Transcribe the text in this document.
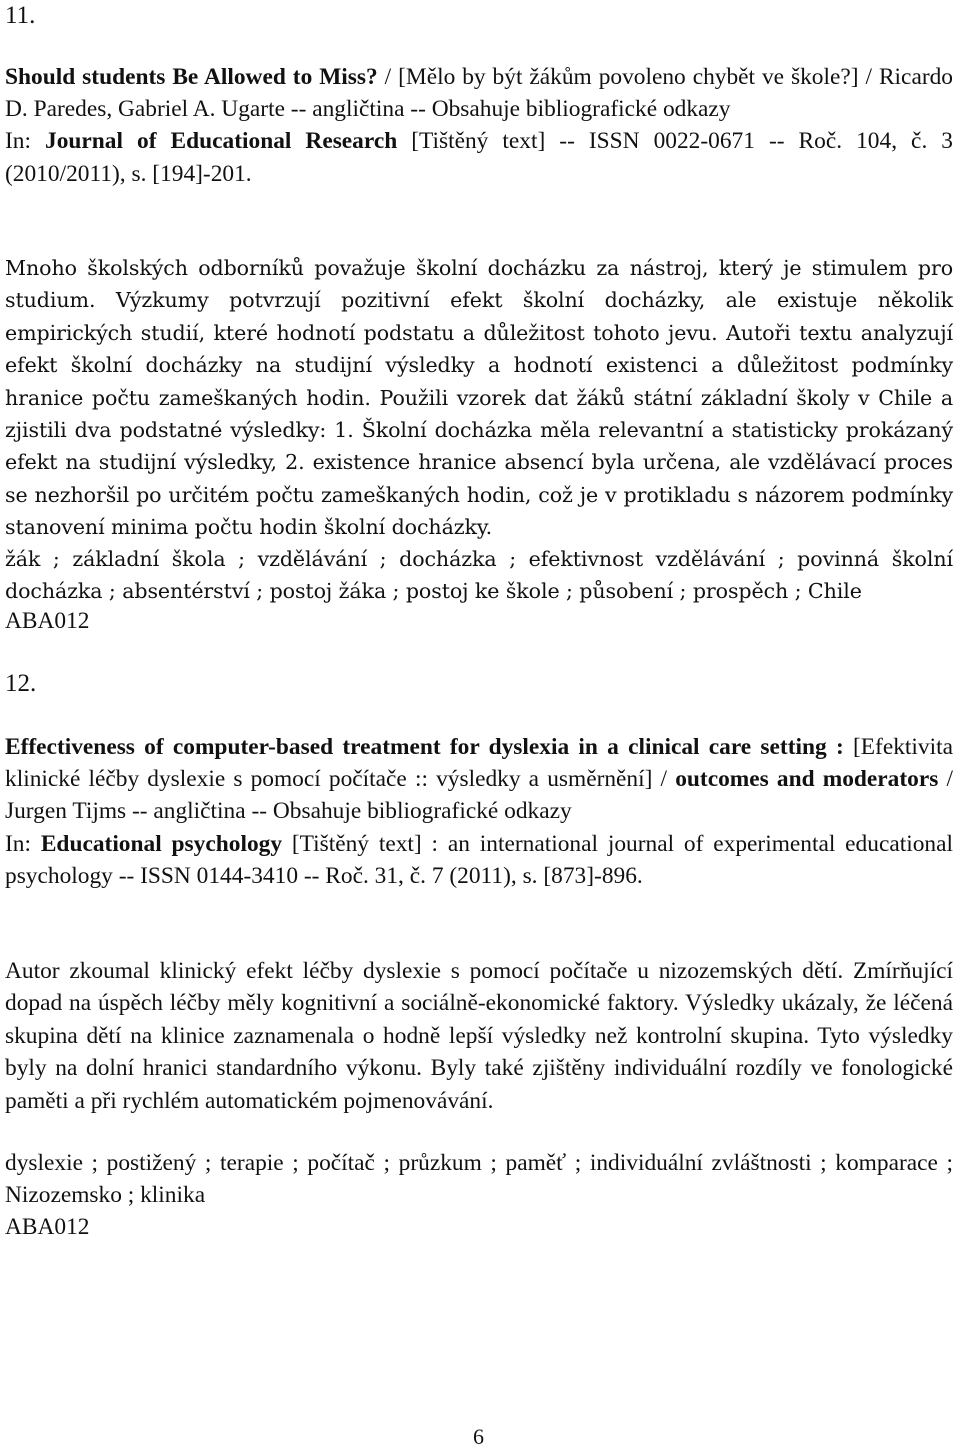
11.
Should students Be Allowed to Miss? / [Mělo by být žákům povoleno chybět ve škole?] / Ricardo D. Paredes, Gabriel A. Ugarte -- angličtina -- Obsahuje bibliografické odkazy
In: Journal of Educational Research [Tištěný text] -- ISSN 0022-0671 -- Roč. 104, č. 3 (2010/2011), s. [194]-201.
Mnoho školských odborníků považuje školní docházku za nástroj, který je stimulem pro studium. Výzkumy potvrzují pozitivní efekt školní docházky, ale existuje několik empirických studií, které hodnotí podstatu a důležitost tohoto jevu. Autoři textu analyzují efekt školní docházky na studijní výsledky a hodnotí existenci a důležitost podmínky hranice počtu zameškaných hodin. Použili vzorek dat žáků státní základní školy v Chile a zjistili dva podstatné výsledky: 1. Školní docházka měla relevantní a statisticky prokázaný efekt na studijní výsledky, 2. existence hranice absencí byla určena, ale vzdělávací proces se nezhoršil po určitém počtu zameškaných hodin, což je v protikladu s názorem podmínky stanovení minima počtu hodin školní docházky.
žák ; základní škola ; vzdělávání ; docházka ; efektivnost vzdělávání ; povinná školní docházka ; absentérství ; postoj žáka ; postoj ke škole ; působení ; prospěch ; Chile
ABA012
12.
Effectiveness of computer-based treatment for dyslexia in a clinical care setting : [Efektivita klinické léčby dyslexie s pomocí počítače :: výsledky a usměrnění] / outcomes and moderators / Jurgen Tijms -- angličtina -- Obsahuje bibliografické odkazy
In: Educational psychology [Tištěný text] : an international journal of experimental educational psychology -- ISSN 0144-3410 -- Roč. 31, č. 7 (2011), s. [873]-896.
Autor zkoumal klinický efekt léčby dyslexie s pomocí počítače u nizozemských dětí. Zmírňující dopad na úspěch léčby měly kognitivní a sociálně-ekonomické faktory. Výsledky ukázaly, že léčená skupina dětí na klinice zaznamenala o hodně lepší výsledky než kontrolní skupina. Tyto výsledky byly na dolní hranici standardního výkonu. Byly také zjištěny individuální rozdíly ve fonologické paměti a při rychlém automatickém pojmenovávání.
dyslexie ; postižený ; terapie ; počítač ; průzkum ; paměť ; individuální zvláštnosti ; komparace ; Nizozemsko ; klinika
ABA012
6
